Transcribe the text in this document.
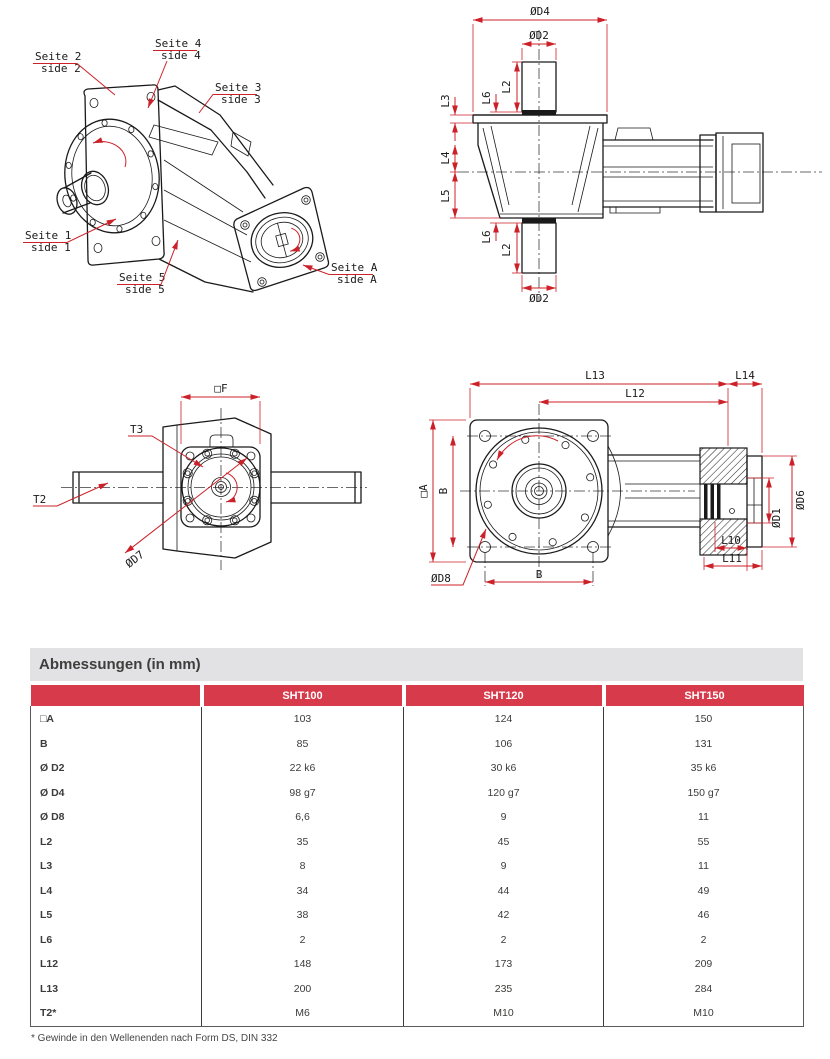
Seite 2
side 2
Seite 4
side 4
Seite 3
side 3
Seite 1
side 1
Seite 5
side 5
Seite A
side A
ØD4
ØD2
L2
L6
L3
L4
L5
L6
L2
ØD2
□F
T3
T2
ØD7
L13	L14
L12
□A B
B
ØD8
L10
L11
ØD1
ØD6
Abmessungen (in mm)
	SHT100	SHT120	SHT150
□A	103	124	150
B	85	106	131
Ø D2	22 k6	30 k6	35 k6
Ø D4	98 g7	120 g7	150 g7
Ø D8	6,6	9	11
L2	35	45	55
L3	8	9	11
L4	34	44	49
L5	38	42	46
L6	2	2	2
L12	148	173	209
L13	200	235	284
T2*	M6	M10	M10
* Gewinde in den Wellenenden nach Form DS, DIN 332
